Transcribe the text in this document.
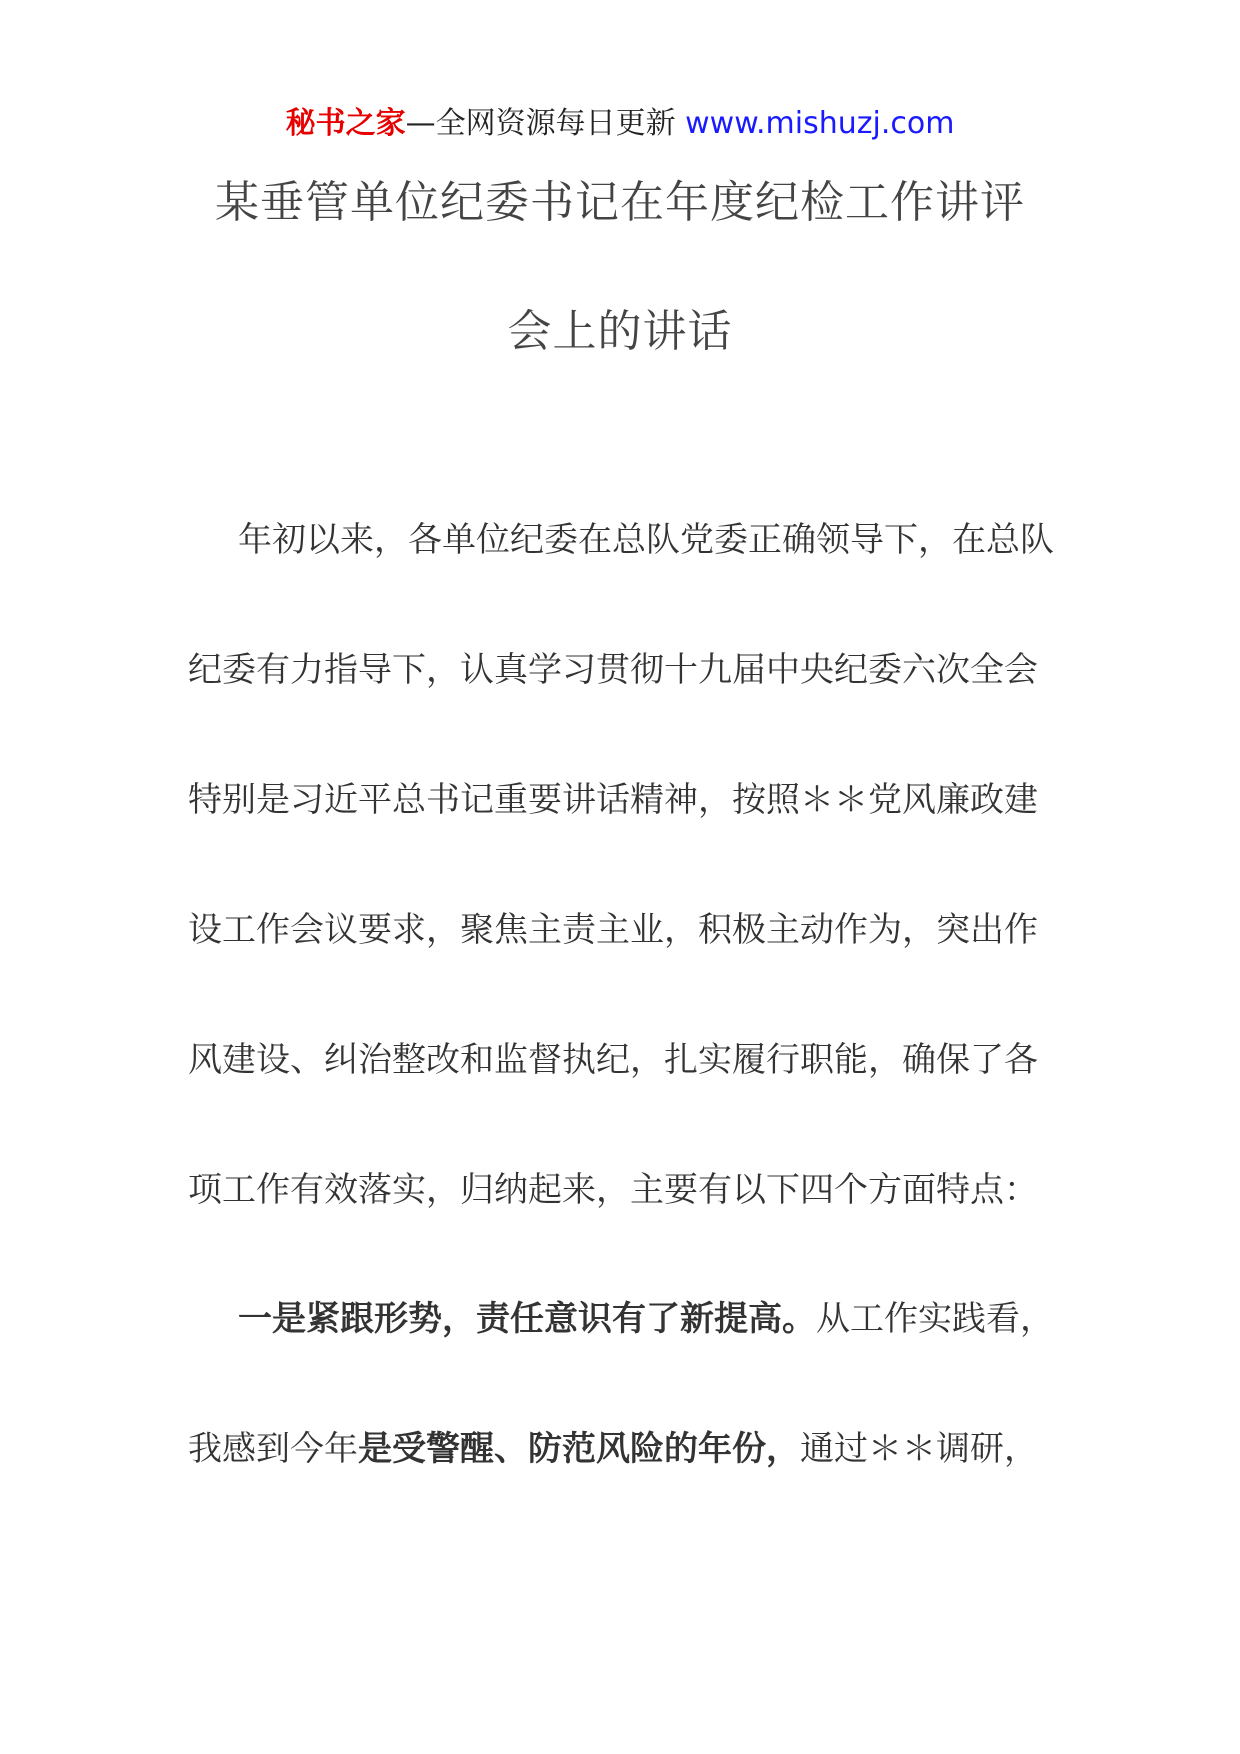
秘书之家—全网资源每日更新 www.mishuzj.com
某垂管单位纪委书记在年度纪检工作讲评
会上的讲话
年初以来，各单位纪委在总队党委正确领导下，在总队
纪委有力指导下，认真学习贯彻十九届中央纪委六次全会
特别是习近平总书记重要讲话精神，按照＊＊党风廉政建
设工作会议要求，聚焦主责主业，积极主动作为，突出作
风建设、纠治整改和监督执纪，扎实履行职能，确保了各
项工作有效落实，归纳起来，主要有以下四个方面特点：
一是紧跟形势，责任意识有了新提高。从工作实践看，
我感到今年是受警醒、防范风险的年份，通过＊＊调研，
